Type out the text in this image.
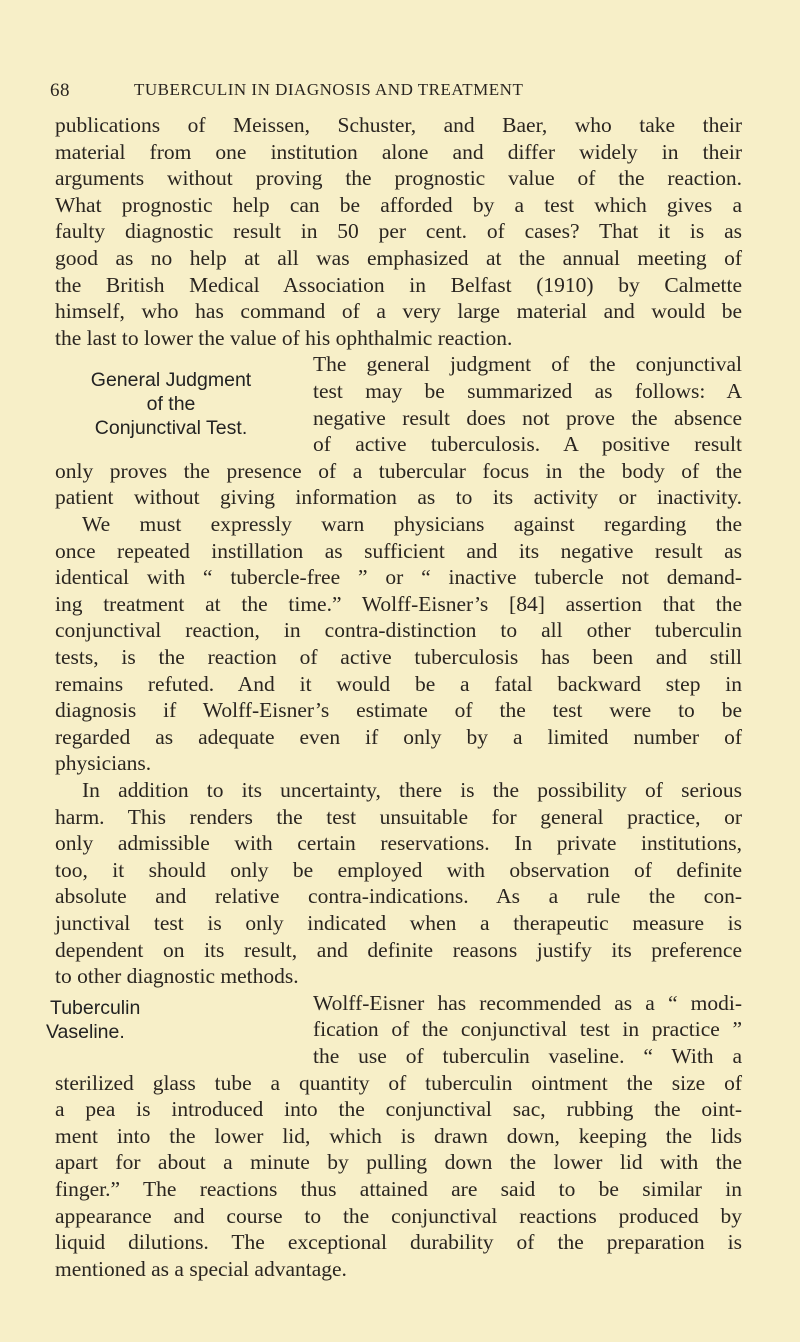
68	TUBERCULIN IN DIAGNOSIS AND TREATMENT
publications of Meissen, Schuster, and Baer, who take their
material from one institution alone and differ widely in their
arguments without proving the prognostic value of the reaction.
What prognostic help can be afforded by a test which gives a
faulty diagnostic result in 50 per cent. of cases? That it is as
good as no help at all was emphasized at the annual meeting of
the British Medical Association in Belfast (1910) by Calmette
himself, who has command of a very large material and would be
the last to lower the value of his ophthalmic reaction.
The general judgment of the conjunctival
test may be summarized as follows: A
negative result does not prove the absence
of active tuberculosis. A positive result
only proves the presence of a tubercular focus in the body of the
patient without giving information as to its activity or inactivity.
We must expressly warn physicians against regarding the
once repeated instillation as sufficient and its negative result as
identical with “ tubercle-free ” or “ inactive tubercle not demand-
ing treatment at the time.” Wolff-Eisner’s [84] assertion that the
conjunctival reaction, in contra-distinction to all other tuberculin
tests, is the reaction of active tuberculosis has been and still
remains refuted. And it would be a fatal backward step in
diagnosis if Wolff-Eisner’s estimate of the test were to be
regarded as adequate even if only by a limited number of
physicians.
In addition to its uncertainty, there is the possibility of serious
harm. This renders the test unsuitable for general practice, or
only admissible with certain reservations. In private institutions,
too, it should only be employed with observation of definite
absolute and relative contra-indications. As a rule the con-
junctival test is only indicated when a therapeutic measure is
dependent on its result, and definite reasons justify its preference
to other diagnostic methods.
Wolff-Eisner has recommended as a “ modi-
fication of the conjunctival test in practice ”
the use of tuberculin vaseline. “ With a
sterilized glass tube a quantity of tuberculin ointment the size of
a pea is introduced into the conjunctival sac, rubbing the oint-
ment into the lower lid, which is drawn down, keeping the lids
apart for about a minute by pulling down the lower lid with the
finger.” The reactions thus attained are said to be similar in
appearance and course to the conjunctival reactions produced by
liquid dilutions. The exceptional durability of the preparation is
mentioned as a special advantage.
General Judgment
of the
Conjunctival Test.
Tuberculin
Vaseline.
